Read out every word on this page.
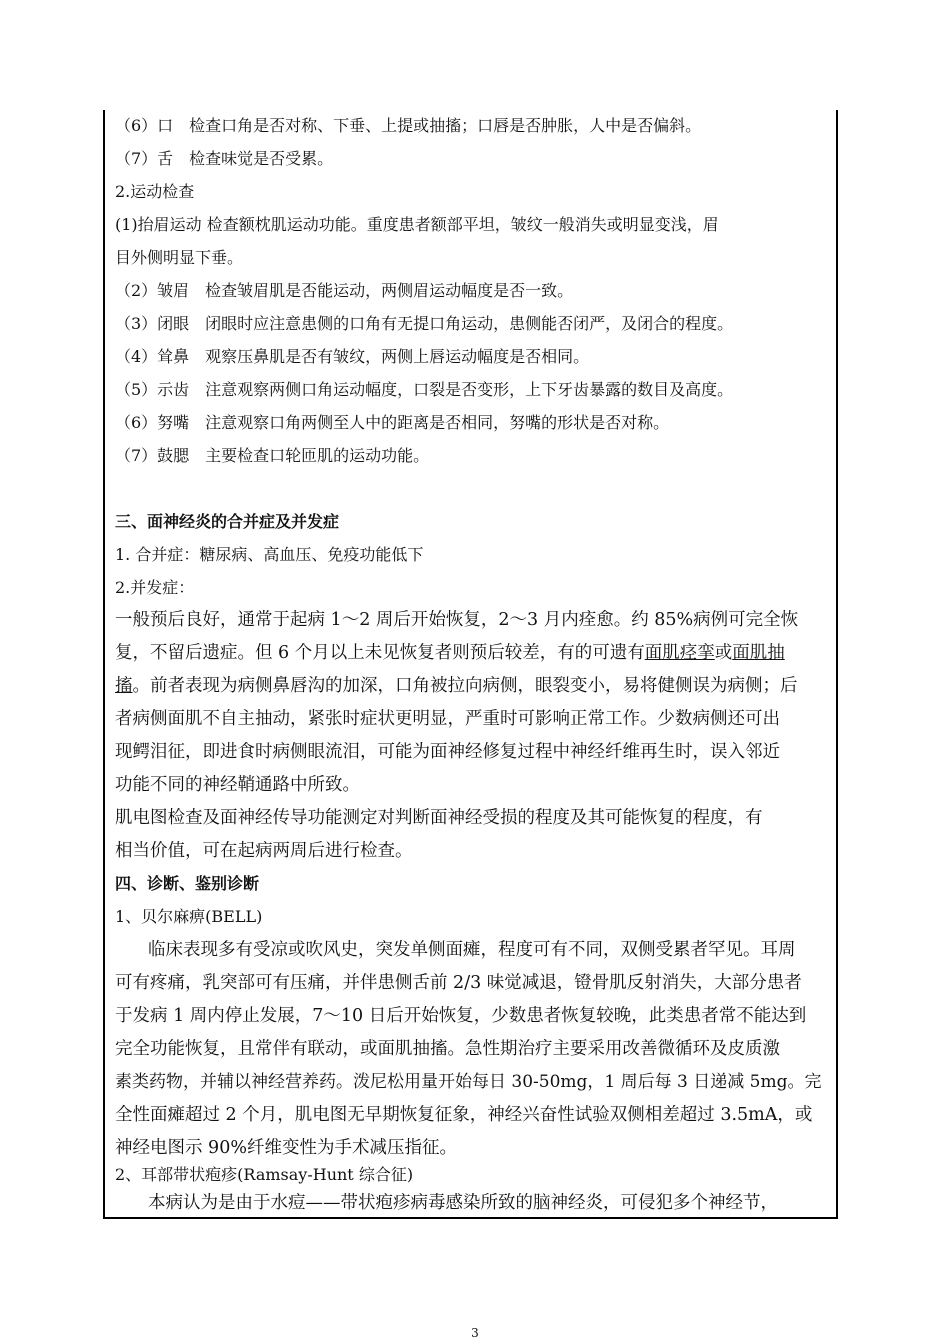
（6）口　检查口角是否对称、下垂、上提或抽搐；口唇是否肿胀，人中是否偏斜。

（7）舌　检查味觉是否受累。

2.运动检查

(1)抬眉运动 检查额枕肌运动功能。重度患者额部平坦，皱纹一般消失或明显变浅，眉

目外侧明显下垂。

（2）皱眉　检查皱眉肌是否能运动，两侧眉运动幅度是否一致。

（3）闭眼　闭眼时应注意患侧的口角有无提口角运动，患侧能否闭严，及闭合的程度。

（4）耸鼻　观察压鼻肌是否有皱纹，两侧上唇运动幅度是否相同。

（5）示齿　注意观察两侧口角运动幅度，口裂是否变形，上下牙齿暴露的数目及高度。

（6）努嘴　注意观察口角两侧至人中的距离是否相同，努嘴的形状是否对称。

（7）鼓腮　主要检查口轮匝肌的运动功能。

三、面神经炎的合并症及并发症

1. 合并症：糖尿病、高血压、免疫功能低下

2.并发症：

一般预后良好，通常于起病 1～2 周后开始恢复，2～3 月内痊愈。约 85%病例可完全恢

复，不留后遗症。但 6 个月以上未见恢复者则预后较差，有的可遗有面肌痉挛或面肌抽

搐。前者表现为病侧鼻唇沟的加深，口角被拉向病侧，眼裂变小，易将健侧误为病侧；后

者病侧面肌不自主抽动，紧张时症状更明显，严重时可影响正常工作。少数病侧还可出

现鳄泪征，即进食时病侧眼流泪，可能为面神经修复过程中神经纤维再生时，误入邻近

功能不同的神经鞘通路中所致。

肌电图检查及面神经传导功能测定对判断面神经受损的程度及其可能恢复的程度，有

相当价值，可在起病两周后进行检查。

四、诊断、鉴别诊断

1、贝尔麻痹(BELL)

临床表现多有受凉或吹风史，突发单侧面瘫，程度可有不同，双侧受累者罕见。耳周

可有疼痛，乳突部可有压痛，并伴患侧舌前 2/3 味觉减退，镫骨肌反射消失，大部分患者

于发病 1 周内停止发展，7～10 日后开始恢复，少数患者恢复较晚，此类患者常不能达到

完全功能恢复，且常伴有联动，或面肌抽搐。急性期治疗主要采用改善微循环及皮质激

素类药物，并辅以神经营养药。泼尼松用量开始每日 30-50mg，1 周后每 3 日递减 5mg。完

全性面瘫超过 2 个月，肌电图无早期恢复征象，神经兴奋性试验双侧相差超过 3.5mA，或

神经电图示 90%纤维变性为手术减压指征。

2、耳部带状疱疹(Ramsay-Hunt 综合征)

本病认为是由于水痘——带状疱疹病毒感染所致的脑神经炎，可侵犯多个神经节，

3
